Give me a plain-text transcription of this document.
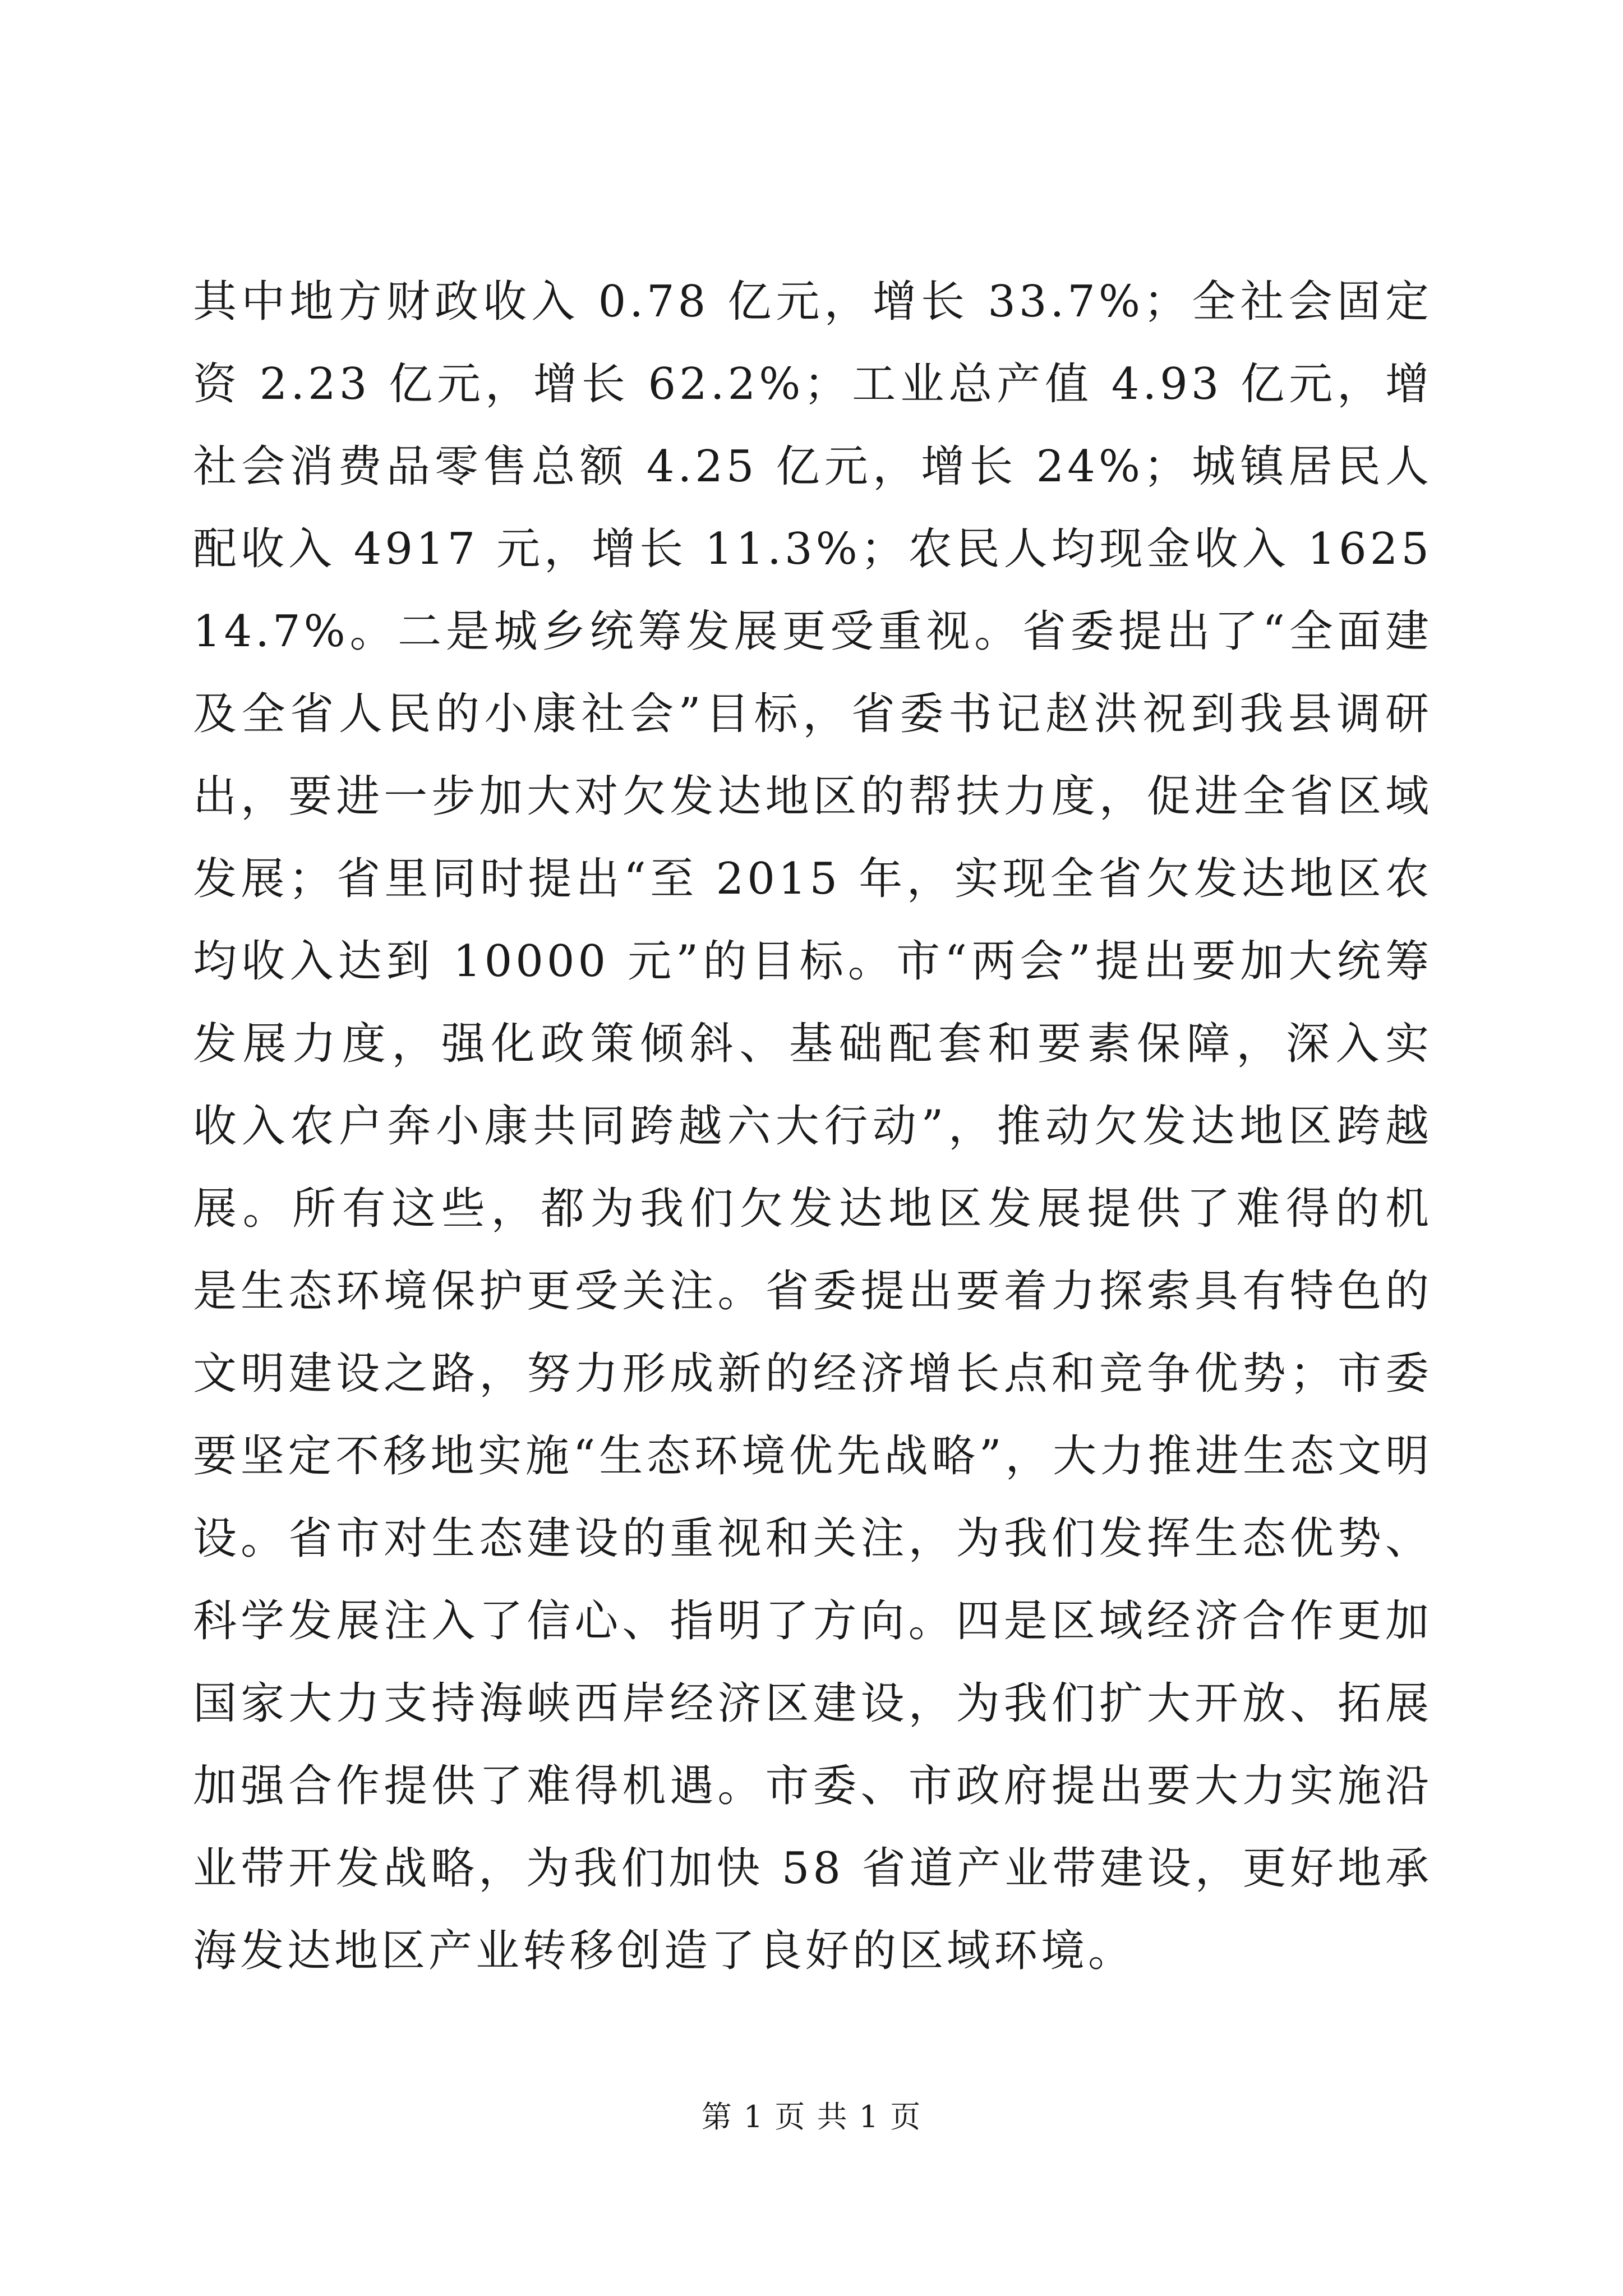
其中地方财政收入 0.78 亿元，增长 33.7%；全社会固定
资 2.23 亿元，增长 62.2%；工业总产值 4.93 亿元，增
社会消费品零售总额 4.25 亿元，增长 24%；城镇居民人
配收入 4917 元，增长 11.3%；农民人均现金收入 1625
14.7%。二是城乡统筹发展更受重视。省委提出了“全面建
及全省人民的小康社会”目标，省委书记赵洪祝到我县调研
出，要进一步加大对欠发达地区的帮扶力度，促进全省区域
发展；省里同时提出“至 2015 年，实现全省欠发达地区农
均收入达到 10000 元”的目标。市“两会”提出要加大统筹
发展力度，强化政策倾斜、基础配套和要素保障，深入实
收入农户奔小康共同跨越六大行动”，推动欠发达地区跨越
展。所有这些，都为我们欠发达地区发展提供了难得的机
是生态环境保护更受关注。省委提出要着力探索具有特色的
文明建设之路，努力形成新的经济增长点和竞争优势；市委
要坚定不移地实施“生态环境优先战略”，大力推进生态文明
设。省市对生态建设的重视和关注，为我们发挥生态优势、
科学发展注入了信心、指明了方向。四是区域经济合作更加
国家大力支持海峡西岸经济区建设，为我们扩大开放、拓展
加强合作提供了难得机遇。市委、市政府提出要大力实施沿
业带开发战略，为我们加快 58 省道产业带建设，更好地承
海发达地区产业转移创造了良好的区域环境。
第 1 页 共 1 页
